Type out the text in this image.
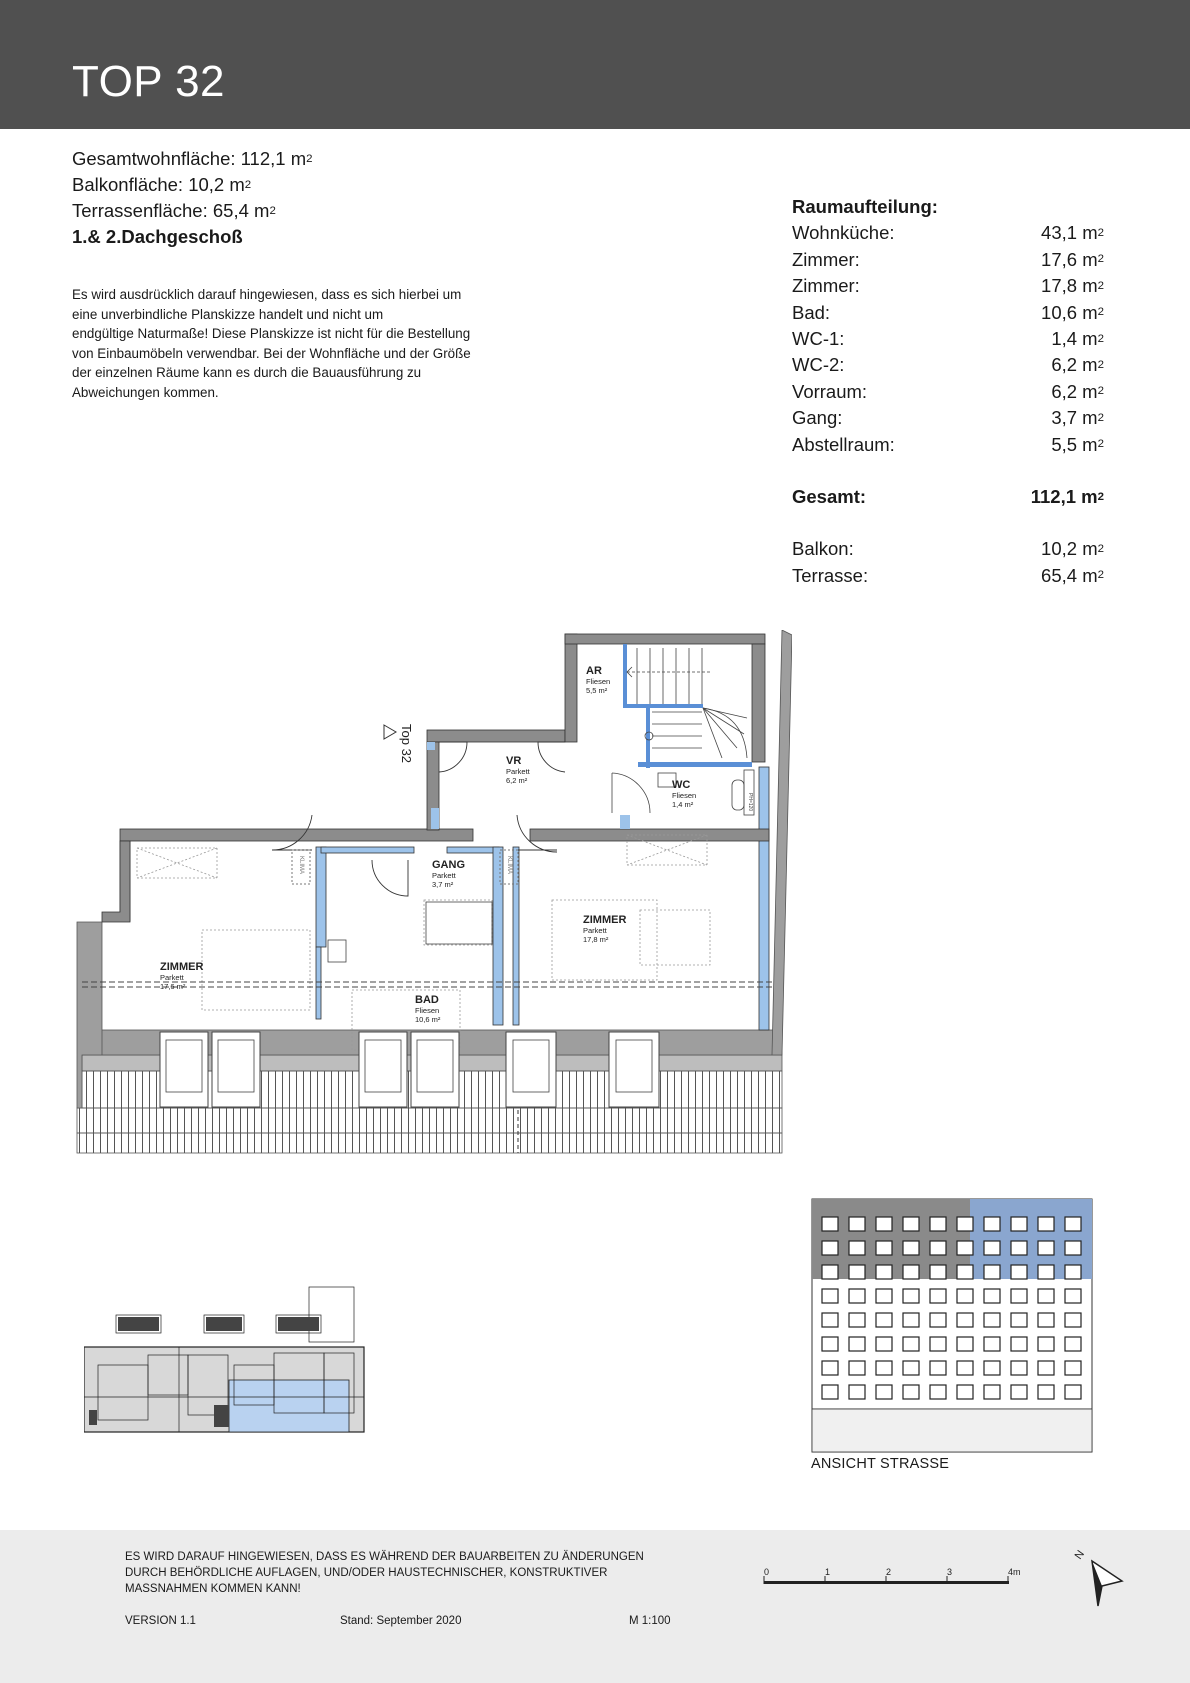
TOP 32
Gesamtwohnfläche: 112,1 $m^2$
Balkonfläche: 10,2 $m^2$
Terrassenfläche: 65,4 $m^2$
1.& 2.Dachgeschoß
Es wird ausdrücklich darauf hingewiesen, dass es sich hierbei um
eine unverbindliche Planskizze handelt und nicht um
endgültige Naturmaße! Diese Planskizze ist nicht für die Bestellung
von Einbaumöbeln verwendbar. Bei der Wohnfläche und der Größe
der einzelnen Räume kann es durch die Bauausführung zu
Abweichungen kommen.
Raumaufteilung:
Wohnküche:	43,1 $m^2$
Zimmer:	17,6 $m^2$
Zimmer:	17,8 $m^2$
Bad:	10,6 $m^2$
WC-1:	1,4 $m^2$
WC-2:	6,2 $m^2$
Vorraum:	6,2 $m^2$
Gang:	3,7 $m^2$
Abstellraum:	5,5 $m^2$
Gesamt:	112,1 $m^2$
Balkon:	10,2 $m^2$
Terrasse:	65,4 $m^2$
PH=120
Top 32
KLIMA	KLIMA
AR
Fliesen
5,5 m²
VR
Parkett
6,2 m²	WC
Fliesen
1,4 m²
GANG
Parkett
3,7 m²
ZIMMER
Parkett
17,8 m²
ZIMMER
Parkett
17,6 m²
BAD
Fliesen
10,6 m²
ANSICHT STRASSE
ES WIRD DARAUF HINGEWIESEN, DASS ES WÄHREND DER BAUARBEITEN ZU ÄNDERUNGEN DURCH BEHÖRDLICHE AUFLAGEN, UND/ODER HAUSTECHNISCHER, KONSTRUKTIVER MASSNAHMEN KOMMEN KANN!
VERSION 1.1	Stand: September 2020	M 1:100
0	1	2	3	4m
N
